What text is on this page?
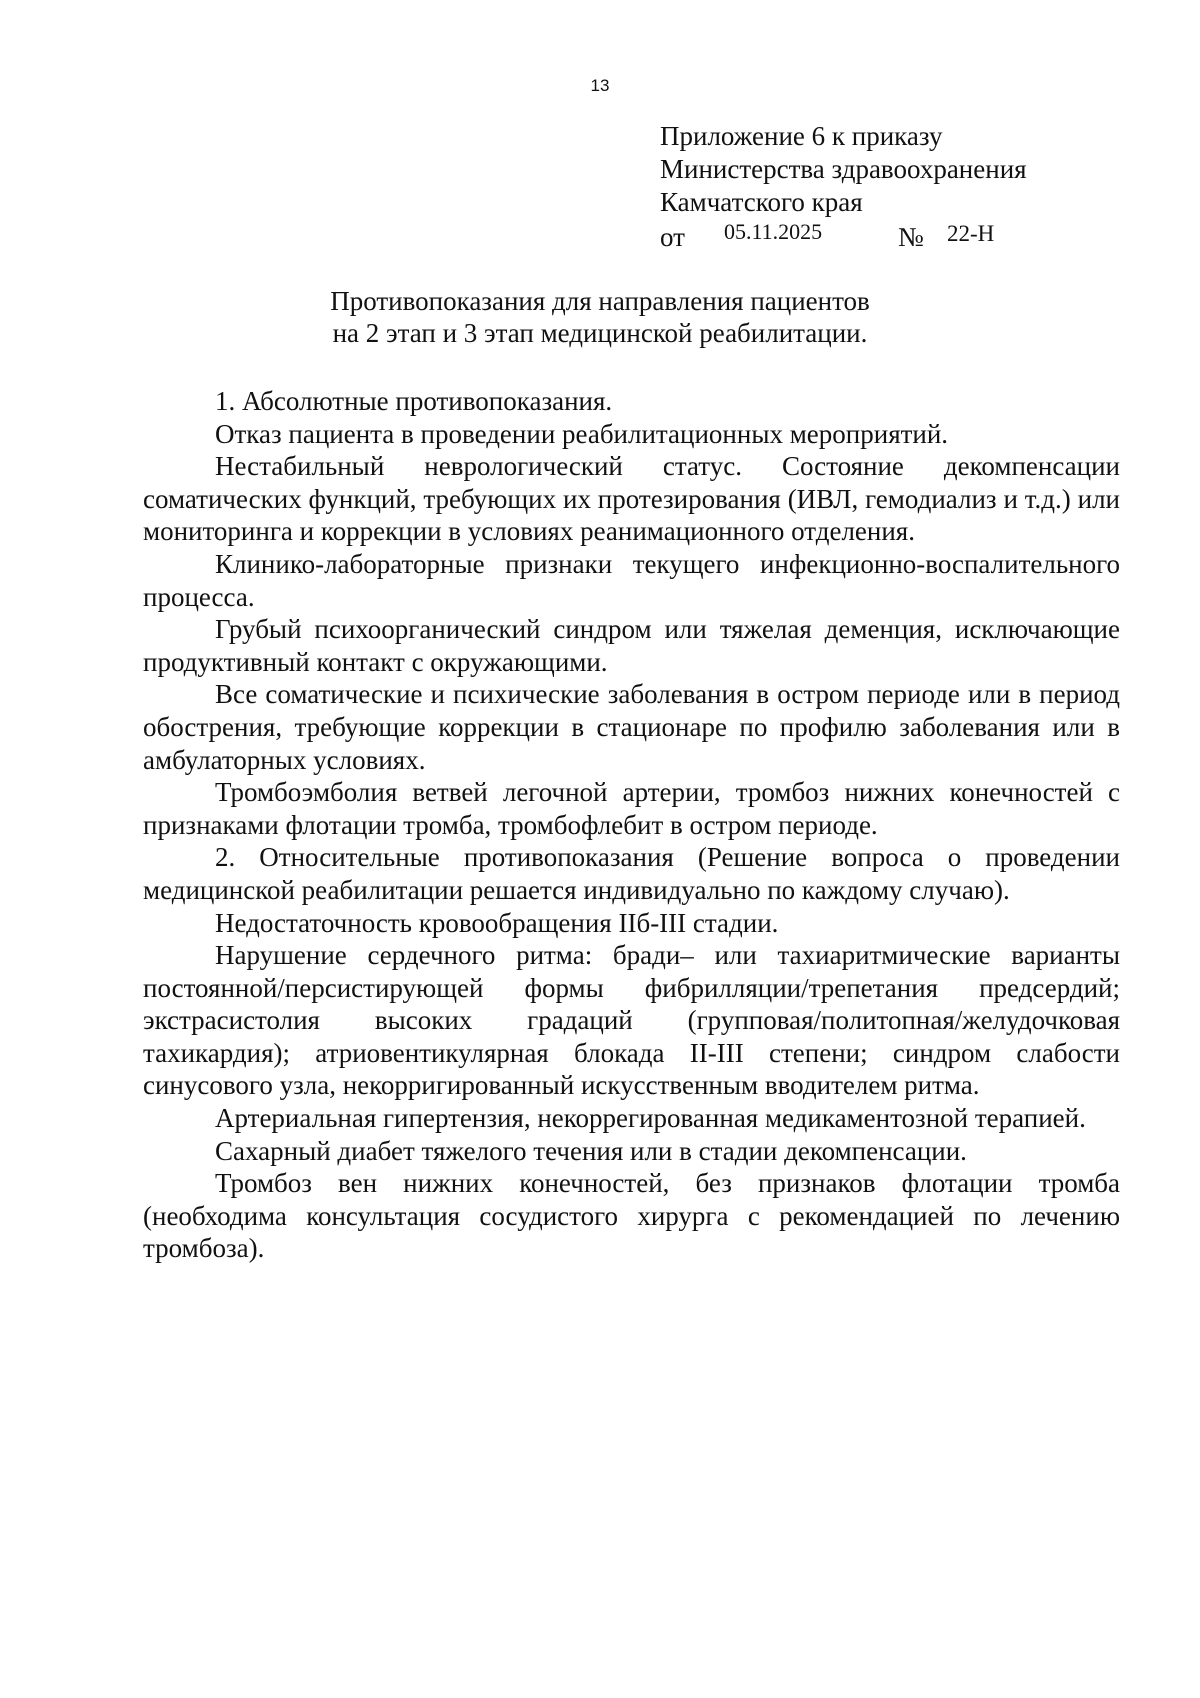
13
Приложение 6 к приказу
Министерства здравоохранения
Камчатского края
от 05.11.2025	№ 22-Н
Противопоказания для направления пациентов
на 2 этап и 3 этап медицинской реабилитации.

1. Абсолютные противопоказания.

Отказ пациента в проведении реабилитационных мероприятий.

Нестабильный неврологический статус. Состояние декомпенсации соматических функций, требующих их протезирования (ИВЛ, гемодиализ и т.д.) или мониторинга и коррекции в условиях реанимационного отделения.

Клинико-лабораторные признаки текущего инфекционно-воспалительного процесса.

Грубый психоорганический синдром или тяжелая деменция, исключающие продуктивный контакт с окружающими.

Все соматические и психические заболевания в остром периоде или в период обострения, требующие коррекции в стационаре по профилю заболевания или в амбулаторных условиях.

Тромбоэмболия ветвей легочной артерии, тромбоз нижних конечностей с признаками флотации тромба, тромбофлебит в остром периоде.

2. Относительные противопоказания (Решение вопроса о проведении медицинской реабилитации решается индивидуально по каждому случаю).

Недостаточность кровообращения IIб-III стадии.

Нарушение сердечного ритма: бради– или тахиаритмические варианты постоянной/персистирующей формы фибрилляции/трепетания предсердий; экстрасистолия высоких градаций (групповая/политопная/желудочковая тахикардия); атриовентикулярная блокада II-III степени; синдром слабости синусового узла, некорригированный искусственным вводителем ритма.

Артериальная гипертензия, некоррегированная медикаментозной терапией.

Сахарный диабет тяжелого течения или в стадии декомпенсации.

Тромбоз вен нижних конечностей, без признаков флотации тромба (необходима консультация сосудистого хирурга с рекомендацией по лечению тромбоза).
